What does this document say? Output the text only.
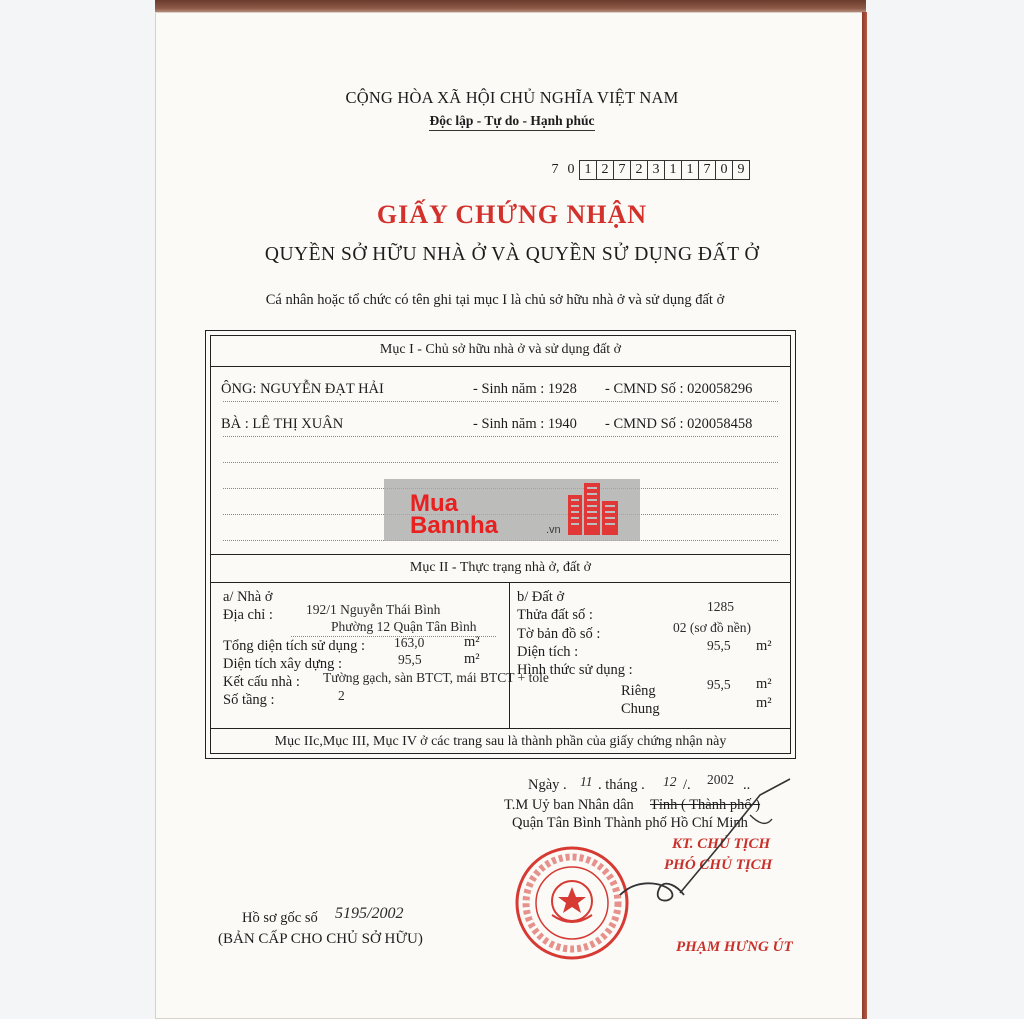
CỘNG HÒA XÃ HỘI CHỦ NGHĨA VIỆT NAM
Độc lập - Tự do - Hạnh phúc
7 0 1 2 7 2 3 1 1 7 0 9
GIẤY CHỨNG NHẬN
QUYỀN SỞ HỮU NHÀ Ở VÀ QUYỀN SỬ DỤNG ĐẤT Ở
Cá nhân hoặc tổ chức có tên ghi tại mục I là chủ sở hữu nhà ở và sử dụng đất ở
Mục I - Chủ sở hữu nhà ở và sử dụng đất ở
ÔNG: NGUYỄN ĐẠT HẢI	- Sinh năm : 1928 - CMND Số : 020058296
BÀ : LÊ THỊ XUÂN	- Sinh năm : 1940 - CMND Số : 020058458
Mục II - Thực trạng nhà ở, đất ở
a/ Nhà ở
Địa chỉ : 192/1 Nguyễn Thái Bình
Phường 12 Quận Tân Bình
Tổng diện tích sử dụng : 163,0	m²
Diện tích xây dựng :	95,5	m²
Kết cấu nhà : Tường gạch, sàn BTCT, mái BTCT + tole
Số tầng :	2
b/ Đất ở
Thửa đất số :
1285
Tờ bản đồ số :	02 (sơ đồ nền)
Diện tích :	95,5 m²
Hình thức sử dụng :
Riêng	95,5 m²
Chung	m²
Mục IIc,Mục III, Mục IV ở các trang sau là thành phần của giấy chứng nhận này
Mua
Bannha	.vn
Ngày . 11 . tháng . 12 /. 2002 ..
T.M Uỷ ban Nhân dân Tỉnh ( Thành phố )
Quận Tân Bình Thành phố Hồ Chí Minh
KT. CHỦ TỊCH
PHÓ CHỦ TỊCH
PHẠM HƯNG ÚT
Hồ sơ gốc số 5195/2002
(BẢN CẤP CHO CHỦ SỞ HỮU)
